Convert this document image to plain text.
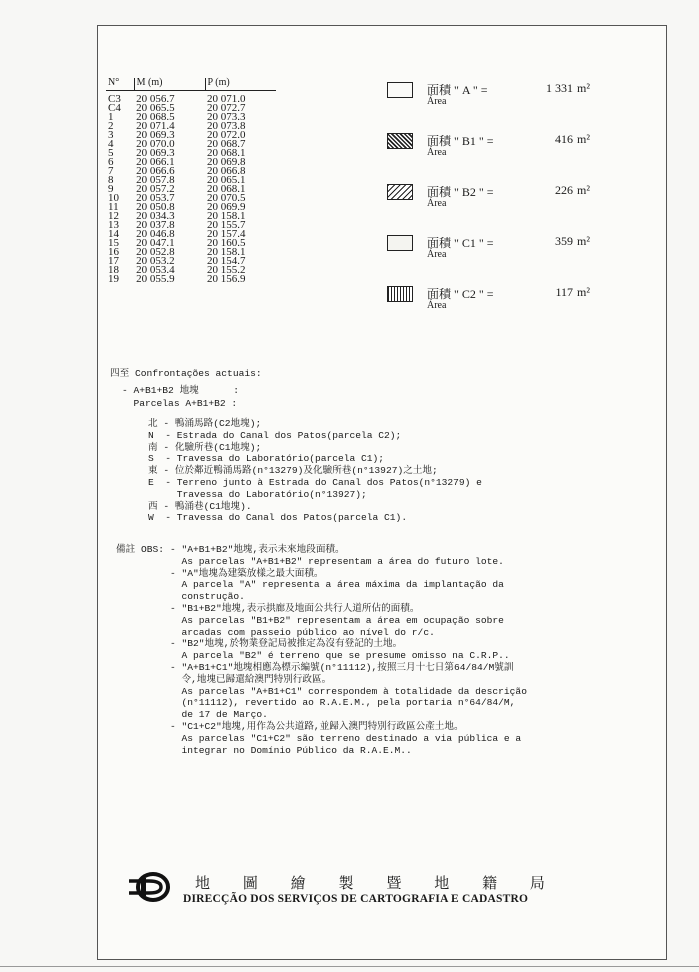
N°	M (m)	P (m)
C3	20 056.7	20 071.0
C4	20 065.5	20 072.7
1	20 068.5	20 073.3
2	20 071.4	20 073.8
3	20 069.3	20 072.0
4	20 070.0	20 068.7
5	20 069.3	20 068.1
6	20 066.1	20 069.8
7	20 066.6	20 066.8
8	20 057.8	20 065.1
9	20 057.2	20 068.1
10	20 053.7	20 070.5
11	20 050.8	20 069.9
12	20 034.3	20 158.1
13	20 037.8	20 155.7
14	20 046.8	20 157.4
15	20 047.1	20 160.5
16	20 052.8	20 158.1
17	20 053.2	20 154.7
18	20 053.4	20 155.2
19	20 055.9	20 156.9
面積 " A " =	1 331 m²
Área
面積 " B1 " =	416 m²
Área
面積 " B2 " =	226 m²
Área
面積 " C1 " =	359 m²
Área
面積 " C2 " =	117 m²
Área
四至 Confrontações actuais:
- A+B1+B2 地塊      :
Parcelas A+B1+B2 :
北 - 鴨涌馬路(C2地塊);
N  - Estrada do Canal dos Patos(parcela C2);
南 - 化驗所巷(C1地塊);
S  - Travessa do Laboratório(parcela C1);
東 - 位於鄰近鴨涌馬路(n°13279)及化驗所巷(n°13927)之土地;
E  - Terreno junto à Estrada do Canal dos Patos(n°13279) e
Travessa do Laboratório(n°13927);
西 - 鴨涌巷(C1地塊).
W  - Travessa do Canal dos Patos(parcela C1).
備註 OBS: - "A+B1+B2"地塊,表示未來地段面積。
As parcelas "A+B1+B2" representam a área do futuro lote.
- "A"地塊為建築放樣之最大面積。
A parcela "A" representa a área máxima da implantação da
construção.
- "B1+B2"地塊,表示拱廊及地面公共行人道所佔的面積。
As parcelas "B1+B2" representam a área em ocupação sobre
arcadas com passeio público ao nível do r/c.
- "B2"地塊,於物業登記局被推定為沒有登記的土地。
A parcela "B2" é terreno que se presume omisso na C.R.P..
- "A+B1+C1"地塊相應為標示編號(n°11112),按照三月十七日第64/84/M號訓
令,地塊已歸還給澳門特別行政區。
As parcelas "A+B1+C1" correspondem à totalidade da descrição
(n°11112), revertido ao R.A.E.M., pela portaria n°64/84/M,
de 17 de Março.
- "C1+C2"地塊,用作為公共道路,並歸入澳門特別行政區公產土地。
As parcelas "C1+C2" são terreno destinado a via pública e a
integrar no Domínio Público da R.A.E.M..
地 圖 繪 製 暨 地 籍 局
DIRECÇÃO DOS SERVIÇOS DE CARTOGRAFIA E CADASTRO
